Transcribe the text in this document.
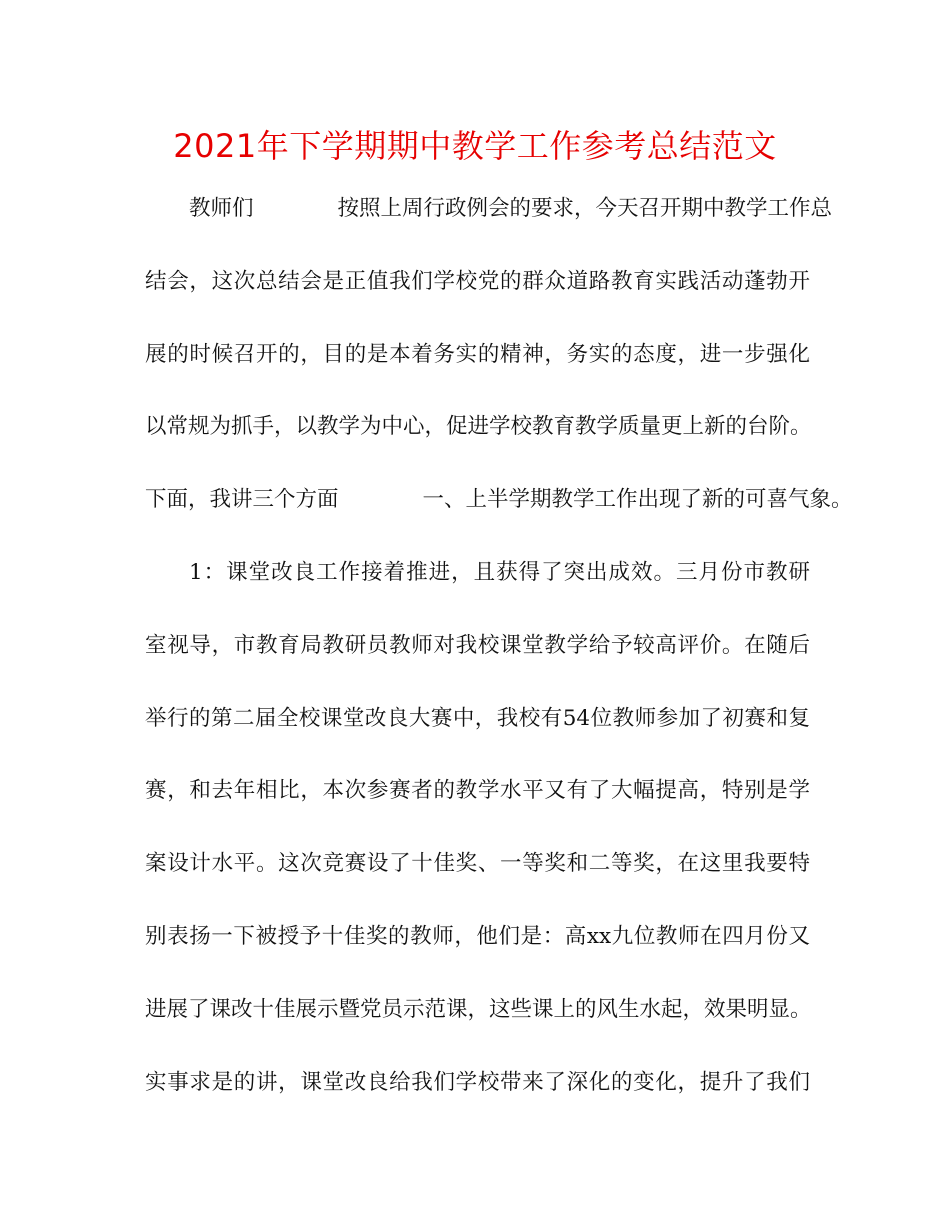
2021年下学期期中教学工作参考总结范文
教师们	按照上周行政例会的要求，今天召开期中教学工作总
结会，这次总结会是正值我们学校党的群众道路教育实践活动蓬勃开
展的时候召开的，目的是本着务实的精神，务实的态度，进一步强化
以常规为抓手，以教学为中心，促进学校教育教学质量更上新的台阶。
下面，我讲三个方面	一、上半学期教学工作出现了新的可喜气象。
1：课堂改良工作接着推进，且获得了突出成效。三月份市教研
室视导，市教育局教研员教师对我校课堂教学给予较高评价。在随后
举行的第二届全校课堂改良大赛中，我校有54位教师参加了初赛和复
赛，和去年相比，本次参赛者的教学水平又有了大幅提高，特别是学
案设计水平。这次竞赛设了十佳奖、一等奖和二等奖，在这里我要特
别表扬一下被授予十佳奖的教师，他们是：高xx九位教师在四月份又
进展了课改十佳展示暨党员示范课，这些课上的风生水起，效果明显。
实事求是的讲，课堂改良给我们学校带来了深化的变化，提升了我们
